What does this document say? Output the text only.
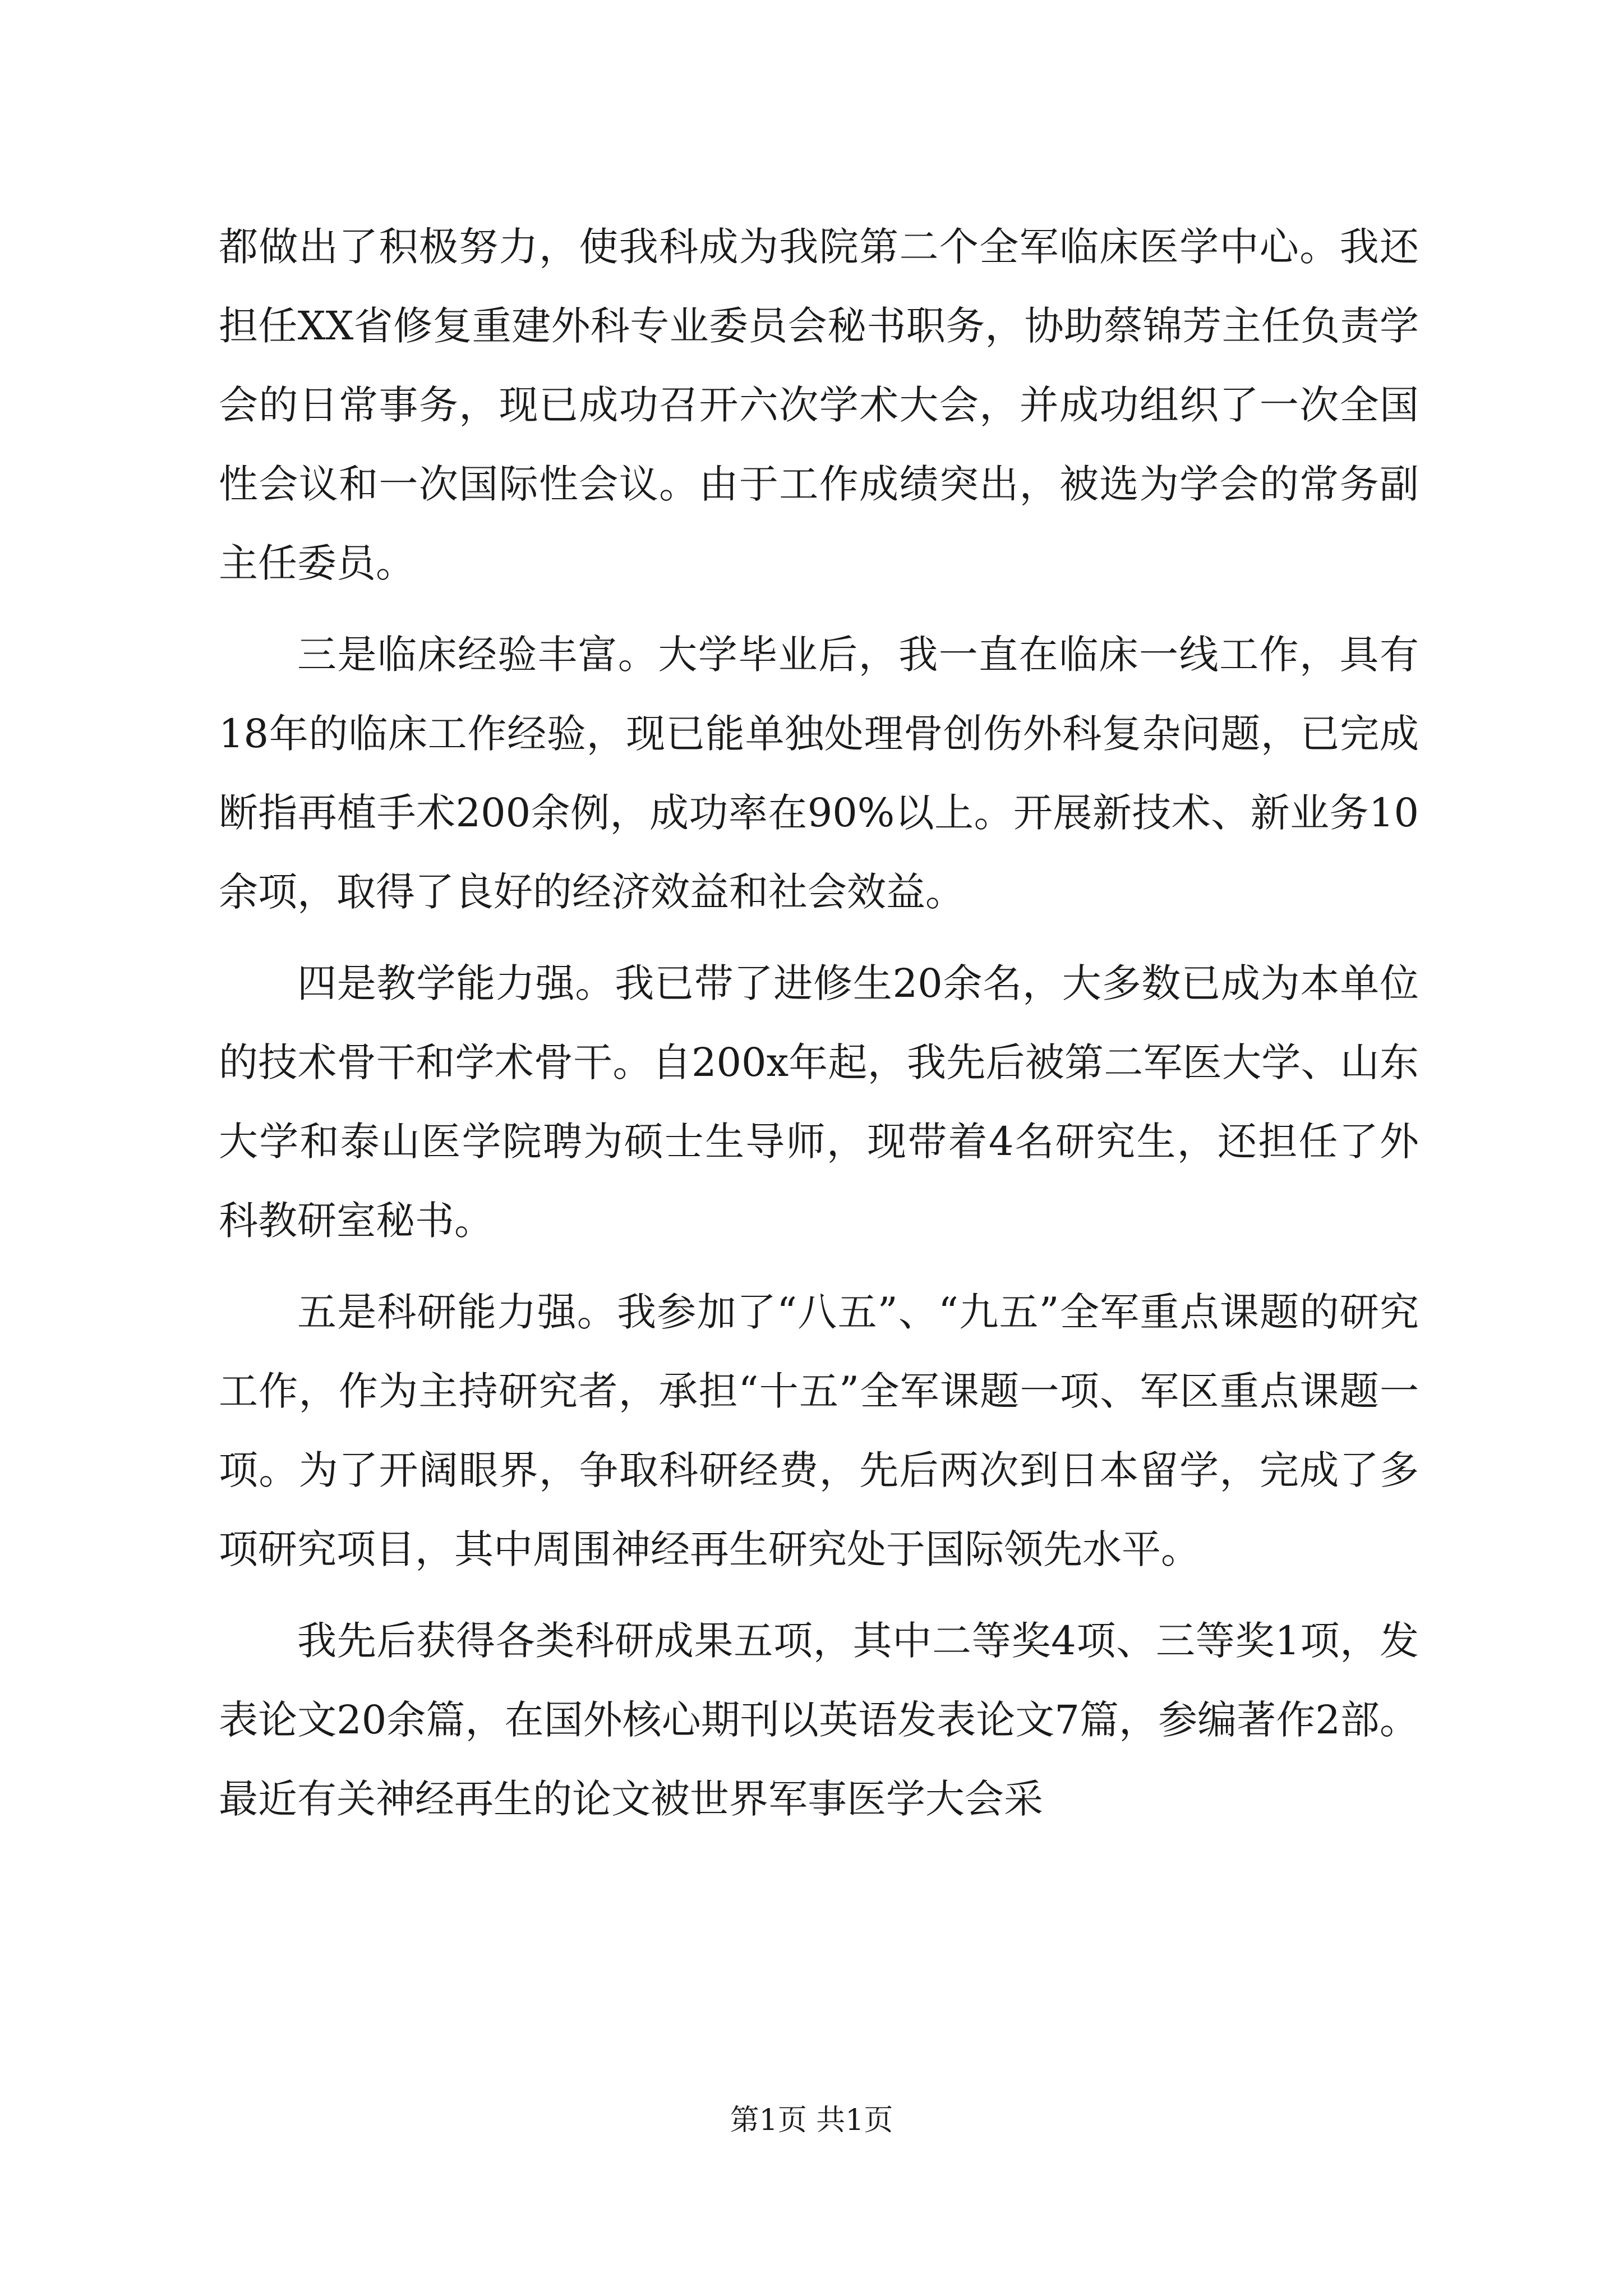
都做出了积极努力，使我科成为我院第二个全军临床医学中心。我还担任XX省修复重建外科专业委员会秘书职务，协助蔡锦芳主任负责学会的日常事务，现已成功召开六次学术大会，并成功组织了一次全国性会议和一次国际性会议。由于工作成绩突出，被选为学会的常务副主任委员。

三是临床经验丰富。大学毕业后，我一直在临床一线工作，具有18年的临床工作经验，现已能单独处理骨创伤外科复杂问题，已完成断指再植手术200余例，成功率在90%以上。开展新技术、新业务10余项，取得了良好的经济效益和社会效益。

四是教学能力强。我已带了进修生20余名，大多数已成为本单位的技术骨干和学术骨干。自200x年起，我先后被第二军医大学、山东大学和泰山医学院聘为硕士生导师，现带着4名研究生，还担任了外科教研室秘书。

五是科研能力强。我参加了“八五”、“九五”全军重点课题的研究工作，作为主持研究者，承担“十五”全军课题一项、军区重点课题一项。为了开阔眼界，争取科研经费，先后两次到日本留学，完成了多项研究项目，其中周围神经再生研究处于国际领先水平。

我先后获得各类科研成果五项，其中二等奖4项、三等奖1项，发表论文20余篇，在国外核心期刊以英语发表论文7篇，参编著作2部。最近有关神经再生的论文被世界军事医学大会采

第1页 共1页
